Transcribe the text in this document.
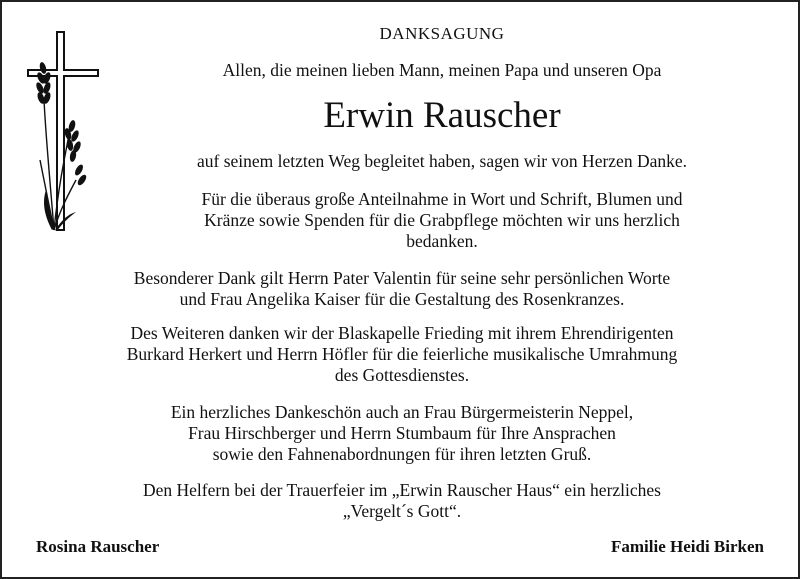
DANKSAGUNG

Allen, die meinen lieben Mann, meinen Papa und unseren Opa

Erwin Rauscher

auf seinem letzten Weg begleitet haben, sagen wir von Herzen Danke.

Für die überaus große Anteilnahme in Wort und Schrift, Blumen und
Kränze sowie Spenden für die Grabpflege möchten wir uns herzlich
bedanken.

Besonderer Dank gilt Herrn Pater Valentin für seine sehr persönlichen Worte
und Frau Angelika Kaiser für die Gestaltung des Rosenkranzes.

Des Weiteren danken wir der Blaskapelle Frieding mit ihrem Ehrendirigenten
Burkard Herkert und Herrn Höfler für die feierliche musikalische Umrahmung
des Gottesdienstes.

Ein herzliches Dankeschön auch an Frau Bürgermeisterin Neppel,
Frau Hirschberger und Herrn Stumbaum für Ihre Ansprachen
sowie den Fahnenabordnungen für ihren letzten Gruß.

Den Helfern bei der Trauerfeier im „Erwin Rauscher Haus“ ein herzliches
„Vergelt´s Gott“.

Rosina Rauscher	Familie Heidi Birken
